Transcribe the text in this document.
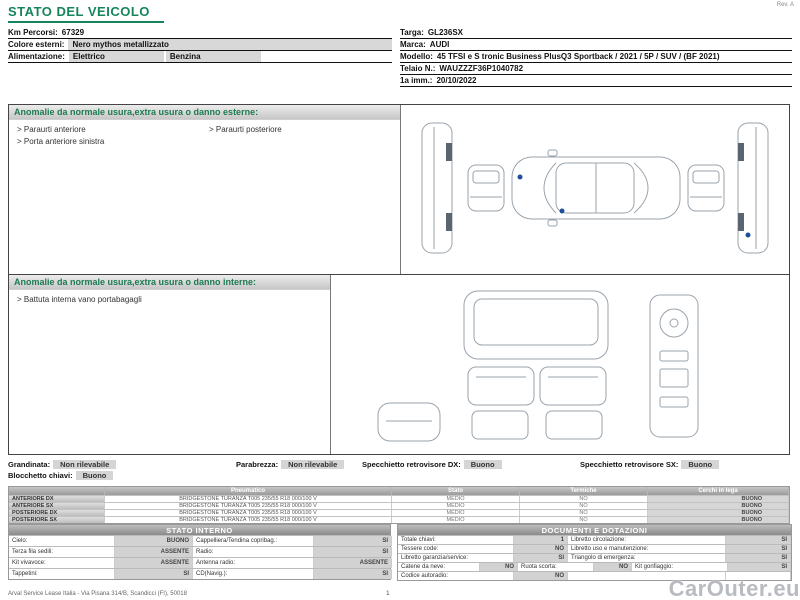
Rev. A
STATO DEL VEICOLO
Km Percorsi: 67329
Colore esterni:	Nero mythos metallizzato
Alimentazione:	Elettrico	Benzina
Targa: GL236SX
Marca: AUDI
Modello: 45 TFSI e S tronic Business PlusQ3 Sportback / 2021 / 5P / SUV / (BF 2021)
Telaio N.: WAUZZZF36P1040782
1a imm.: 20/10/2022
Anomalie da normale usura,extra usura o danno esterne:
> Paraurti anteriore	> Paraurti posteriore
> Porta anteriore sinistra
Anomalie da normale usura,extra usura o danno interne:
> Battuta interna vano portabagagli
Grandinata:	Non rilevabile	Parabrezza:	Non rilevabile	Specchietto retrovisore DX:	Buono	Specchietto retrovisore SX:	Buono
Blocchetto chiavi:	Buono
Pneumatico	Stato	Termiche	Cerchi in lega
ANTERIORE DX	BRIDGESTONE TURANZA T005 235/55 R18 000/100 V	MEDIO	NO	BUONO
ANTERIORE SX	BRIDGESTONE TURANZA T005 235/55 R18 000/100 V	MEDIO	NO	BUONO
POSTERIORE DX	BRIDGESTONE TURANZA T005 235/55 R18 000/100 V	MEDIO	NO	BUONO
POSTERIORE SX	BRIDGESTONE TURANZA T005 235/55 R18 000/100 V	MEDIO	NO	BUONO
STATO INTERNO
Cielo:	BUONO	Cappelliera/Tendina copribag.:	SI
Terza fila sedili:	ASSENTE	Radio:	SI
Kit vivavoce:	ASSENTE	Antenna radio:	ASSENTE
Tappetini:	SI	CD(Navig.):	SI
DOCUMENTI E DOTAZIONI
Totale chiavi:	1	Libretto circolazione:	SI
Tessere code:	NO	Libretto uso e manutenzione:	SI
Libretto garanzia/service:	SI	Triangolo di emergenza:	SI
Catene da neve:	NO	Ruota scorta:	NO	Kit gonfiaggio:	SI
Codice autoradio:	NO
Arval Service Lease Italia - Via Pisana 314/B, Scandicci (FI), 50018	1	CarOuter.eu
